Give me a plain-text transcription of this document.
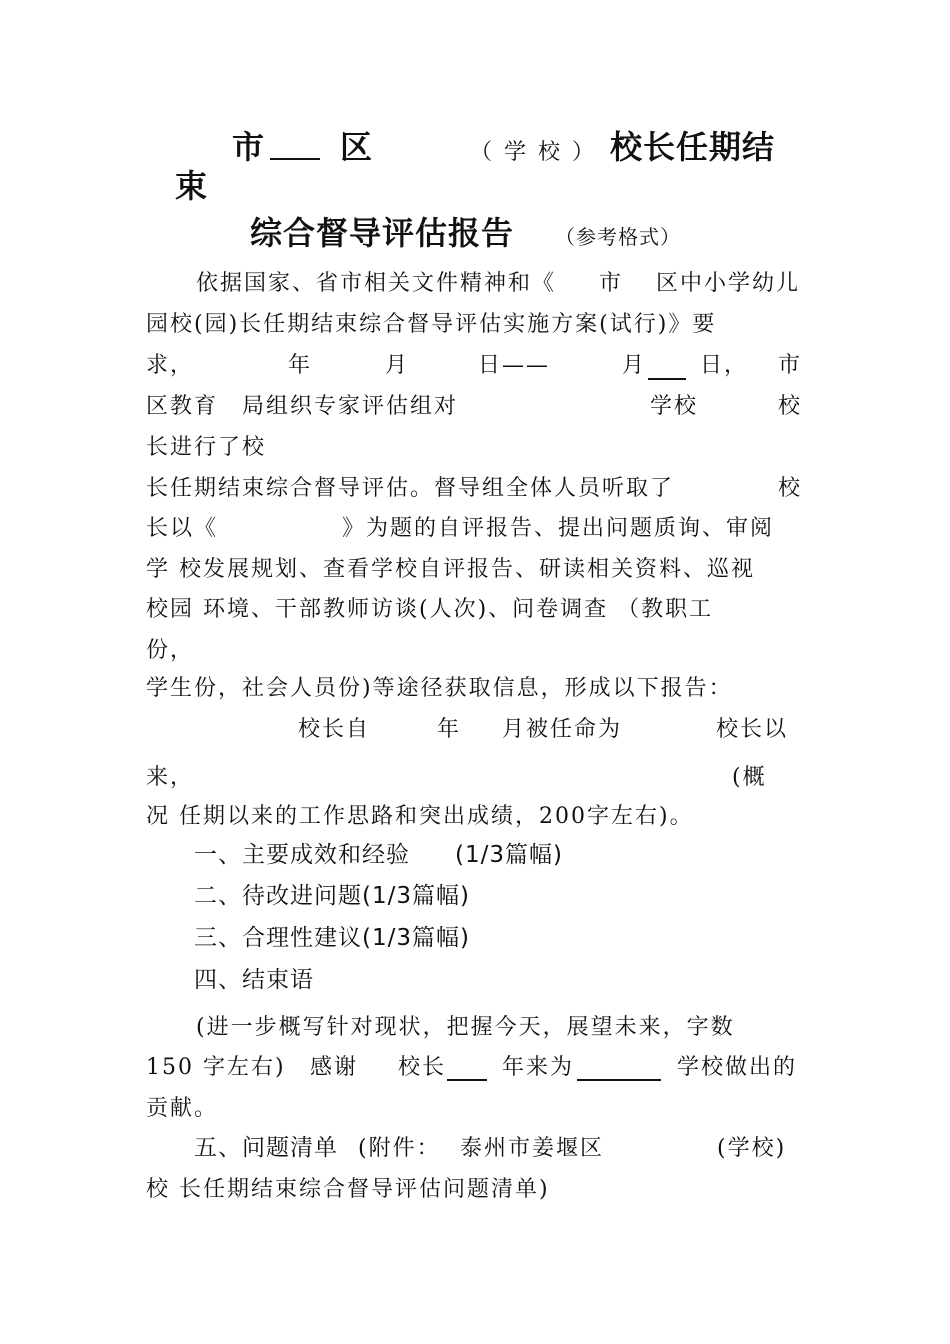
市 区	（学校） 校长任期结
束
综合督导评估报告 （参考格式）
依据国家、省市相关文件精神和《 市 区中小学幼儿
园校(园)长任期结束综合督导评估实施方案(试行)》要
求，	年	月	日——	月 日， 市
区教育 局组织专家评估组对	学校	校
长进行了校
长任期结束综合督导评估。督导组全体人员听取了	校
长以《	》为题的自评报告、提出问题质询、审阅
学 校发展规划、查看学校自评报告、研读相关资料、巡视
校园 环境、干部教师访谈(人次)、问卷调查 （教职工
份，
学生份，社会人员份)等途径获取信息，形成以下报告：
校长自	年 月被任命为	校长以
来，	(概
况 任期以来的工作思路和突出成绩，200字左右)。
一、主要成效和经验 (1/3篇幅)
二、待改进问题(1/3篇幅)
三、合理性建议(1/3篇幅)
四、结束语
(进一步概写针对现状，把握今天，展望未来，字数
150 字左右) 感谢 校长	年来为	学校做出的
贡献。
五、问题清单 (附件： 泰州市姜堰区	(学校)
校 长任期结束综合督导评估问题清单)
